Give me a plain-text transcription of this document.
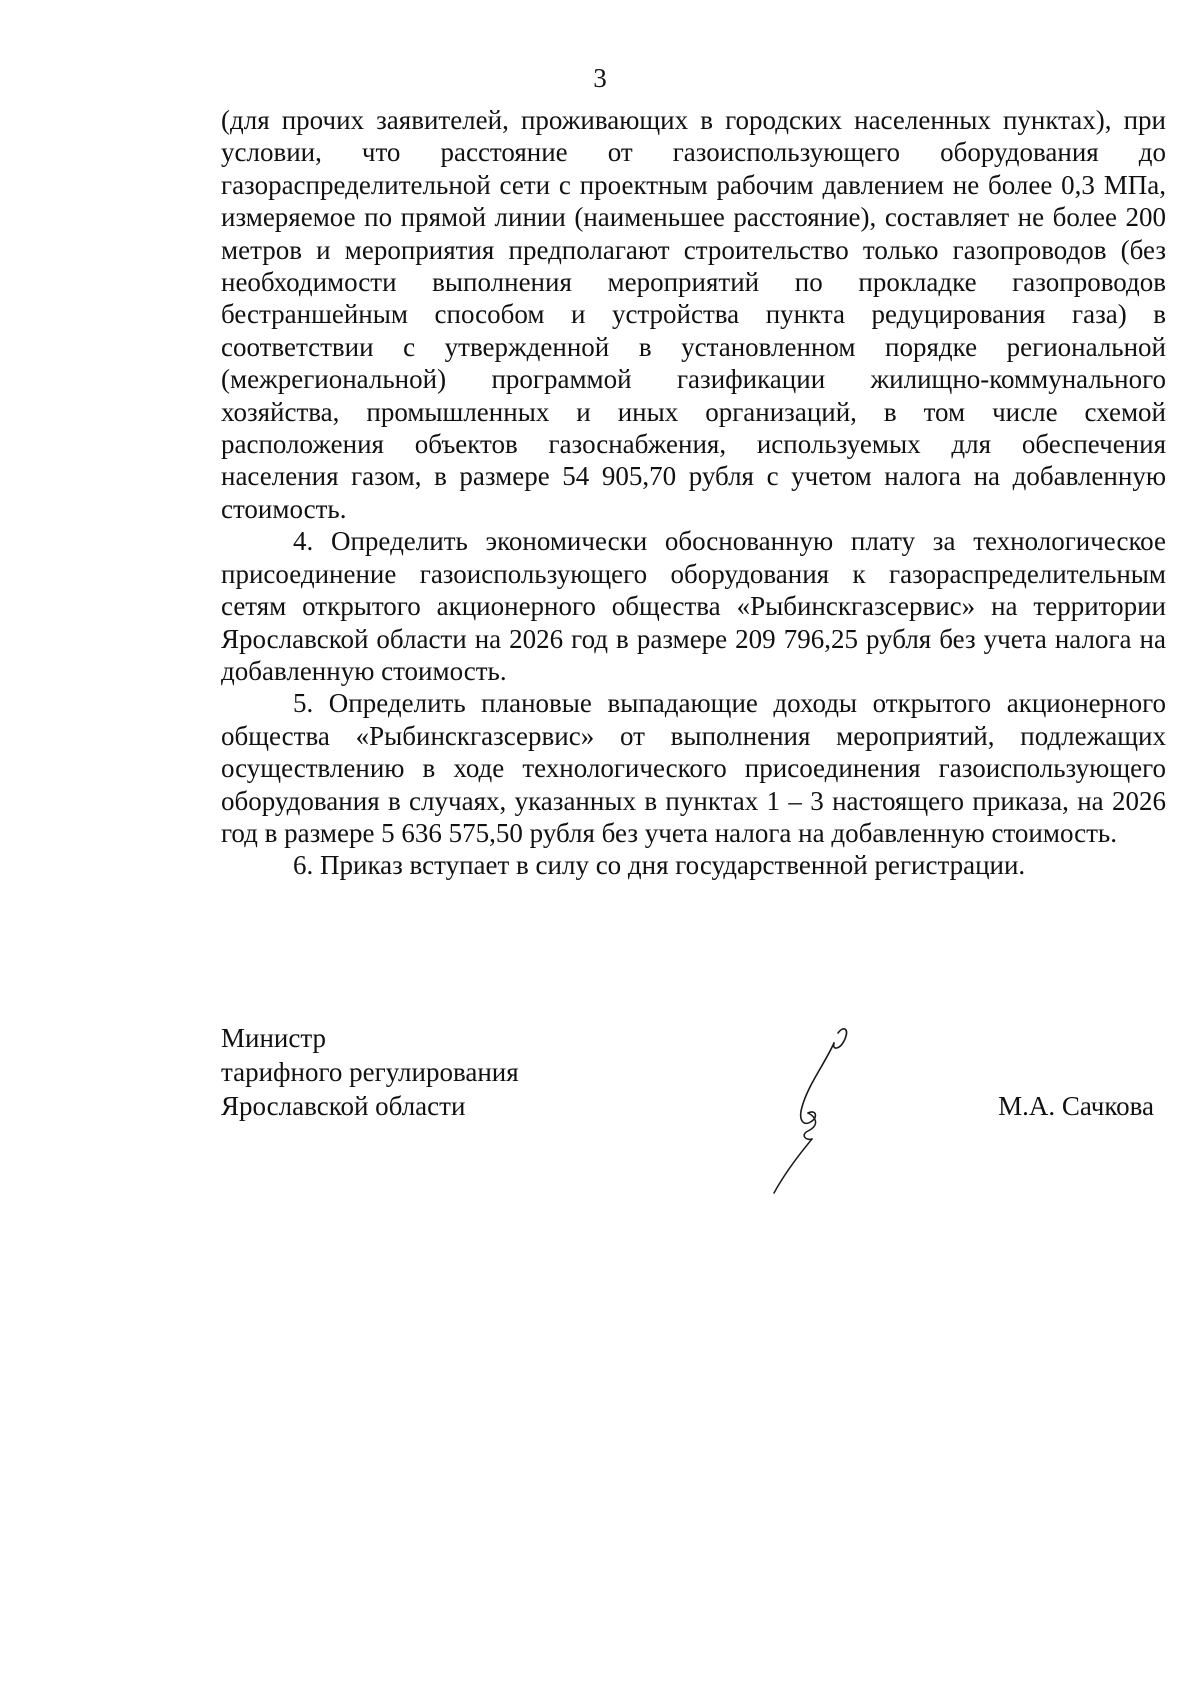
3

(для прочих заявителей, проживающих в городских населенных пунктах), при условии, что расстояние от газоиспользующего оборудования до газораспределительной сети с проектным рабочим давлением не более 0,3 МПа, измеряемое по прямой линии (наименьшее расстояние), составляет не более 200 метров и мероприятия предполагают строительство только газопроводов (без необходимости выполнения мероприятий по прокладке газопроводов бестраншейным способом и устройства пункта редуцирования газа) в соответствии с утвержденной в установленном порядке региональной (межрегиональной) программой газификации жилищно-коммунального хозяйства, промышленных и иных организаций, в том числе схемой расположения объектов газоснабжения, используемых для обеспечения населения газом, в размере 54 905,70 рубля с учетом налога на добавленную стоимость.

4. Определить экономически обоснованную плату за технологическое присоединение газоиспользующего оборудования к газораспределительным сетям открытого акционерного общества «Рыбинскгазсервис» на территории Ярославской области на 2026 год в размере 209 796,25 рубля без учета налога на добавленную стоимость.

5. Определить плановые выпадающие доходы открытого акционерного общества «Рыбинскгазсервис» от выполнения мероприятий, подлежащих осуществлению в ходе технологического присоединения газоиспользующего оборудования в случаях, указанных в пунктах 1 – 3 настоящего приказа, на 2026 год в размере 5 636 575,50 рубля без учета налога на добавленную стоимость.

6. Приказ вступает в силу со дня государственной регистрации.

Министр
тарифного регулирования
Ярославской области	М.А. Сачкова
